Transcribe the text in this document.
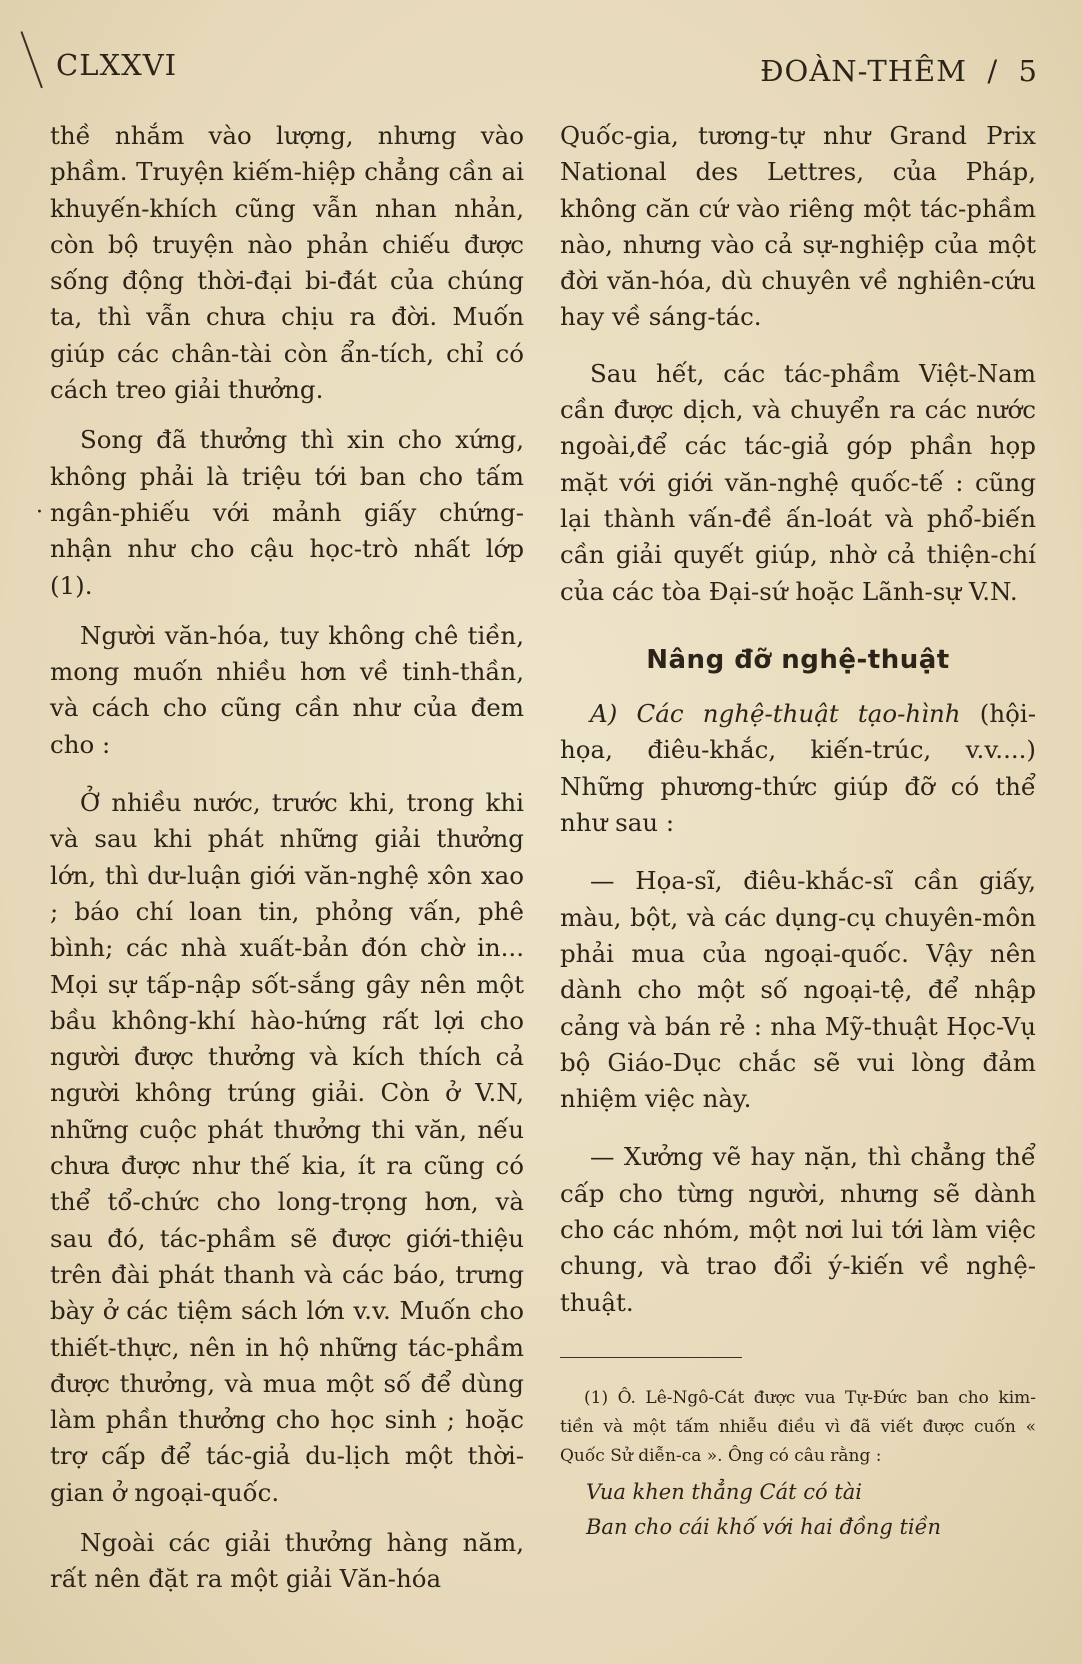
CLXXVI	ĐOÀN-THÊM  /  5
·

thề nhắm vào lượng, nhưng vào phầm. Truyện kiếm-hiệp chẳng cần ai khuyến-khích cũng vẫn nhan nhản, còn bộ truyện nào phản chiếu được sống động thời-đại bi-đát của chúng ta, thì vẫn chưa chịu ra đời. Muốn giúp các chân-tài còn ẩn-tích, chỉ có cách treo giải thưởng.

Song đã thưởng thì xin cho xứng, không phải là triệu tới ban cho tấm ngân-phiếu với mảnh giấy chứng-nhận như cho cậu học-trò nhất lớp (1).

Người văn-hóa, tuy không chê tiền, mong muốn nhiều hơn về tinh-thần, và cách cho cũng cần như của đem cho :

Ở nhiều nước, trước khi, trong khi và sau khi phát những giải thưởng lớn, thì dư-luận giới văn-nghệ xôn xao ; báo chí loan tin, phỏng vấn, phê bình; các nhà xuất-bản đón chờ in... Mọi sự tấp-nập sốt-sắng gây nên một bầu không-khí hào-hứng rất lợi cho người được thưởng và kích thích cả người không trúng giải. Còn ở V.N, những cuộc phát thưởng thi văn, nếu chưa được như thế kia, ít ra cũng có thể tổ-chức cho long-trọng hơn, và sau đó, tác-phầm sẽ được giới-thiệu trên đài phát thanh và các báo, trưng bày ở các tiệm sách lớn v.v. Muốn cho thiết-thực, nên in hộ những tác-phầm được thưởng, và mua một số để dùng làm phần thưởng cho học sinh ; hoặc trợ cấp để tác-giả du-lịch một thời-gian ở ngoại-quốc.

Ngoài các giải thưởng hàng năm, rất nên đặt ra một giải Văn-hóa

Quốc-gia, tương-tự như Grand Prix National des Lettres, của Pháp, không căn cứ vào riêng một tác-phầm nào, nhưng vào cả sự-nghiệp của một đời văn-hóa, dù chuyên về nghiên-cứu hay về sáng-tác.

Sau hết, các tác-phầm Việt-Nam cần được dịch, và chuyển ra các nước ngoài,để các tác-giả góp phần họp mặt với giới văn-nghệ quốc-tế : cũng lại thành vấn-đề ấn-loát và phổ-biến cần giải quyết giúp, nhờ cả thiện-chí của các tòa Đại-sứ hoặc Lãnh-sự V.N.

Nâng đỡ nghệ-thuật

A) Các nghệ-thuật tạo-hình (hội-họa, điêu-khắc, kiến-trúc, v.v....) Những phương-thức giúp đỡ có thể như sau :

— Họa-sĩ, điêu-khắc-sĩ cần giấy, màu, bột, và các dụng-cụ chuyên-môn phải mua của ngoại-quốc. Vậy nên dành cho một số ngoại-tệ, để nhập cảng và bán rẻ : nha Mỹ-thuật Học-Vụ bộ Giáo-Dục chắc sẽ vui lòng đảm nhiệm việc này.

— Xưởng vẽ hay nặn, thì chẳng thể cấp cho từng người, nhưng sẽ dành cho các nhóm, một nơi lui tới làm việc chung, và trao đổi ý-kiến về nghệ-thuật.

(1) Ô. Lê-Ngô-Cát được vua Tự-Đức ban cho kim-tiền và một tấm nhiễu điều vì đã viết được cuốn « Quốc Sử diễn-ca ». Ông có câu rằng :

Vua khen thẳng Cát có tài
Ban cho cái khố với hai đồng tiền
